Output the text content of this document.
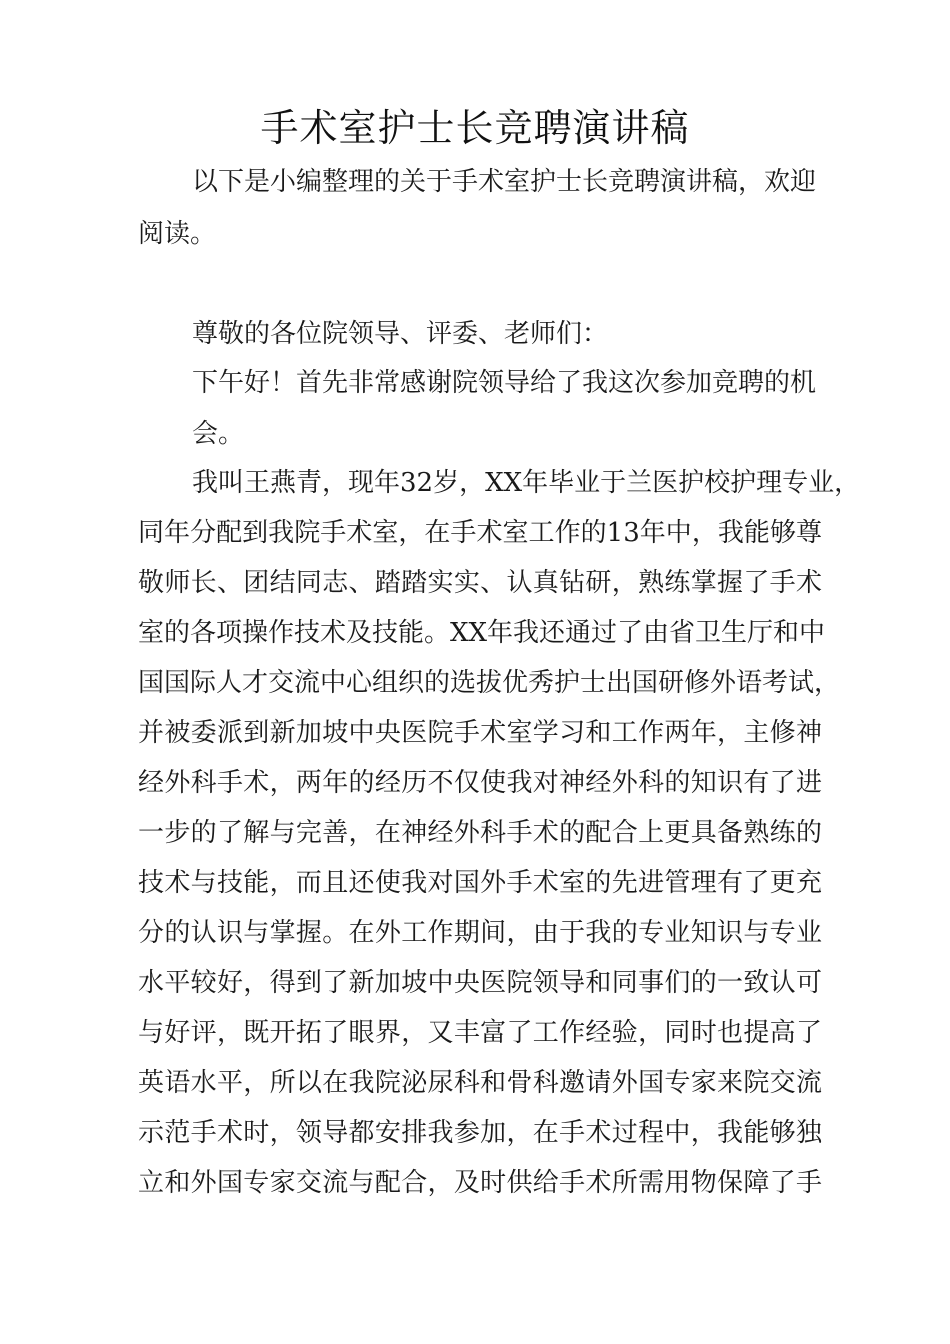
手术室护士长竞聘演讲稿
以下是小编整理的关于手术室护士长竞聘演讲稿，欢迎
阅读。
尊敬的各位院领导、评委、老师们：
下午好！首先非常感谢院领导给了我这次参加竞聘的机
会。
我叫王燕青，现年32岁，XX年毕业于兰医护校护理专业，
同年分配到我院手术室，在手术室工作的13年中，我能够尊
敬师长、团结同志、踏踏实实、认真钻研，熟练掌握了手术
室的各项操作技术及技能。XX年我还通过了由省卫生厅和中
国国际人才交流中心组织的选拔优秀护士出国研修外语考试，
并被委派到新加坡中央医院手术室学习和工作两年，主修神
经外科手术，两年的经历不仅使我对神经外科的知识有了进
一步的了解与完善，在神经外科手术的配合上更具备熟练的
技术与技能，而且还使我对国外手术室的先进管理有了更充
分的认识与掌握。在外工作期间，由于我的专业知识与专业
水平较好，得到了新加坡中央医院领导和同事们的一致认可
与好评，既开拓了眼界，又丰富了工作经验，同时也提高了
英语水平，所以在我院泌尿科和骨科邀请外国专家来院交流
示范手术时，领导都安排我参加，在手术过程中，我能够独
立和外国专家交流与配合，及时供给手术所需用物保障了手
